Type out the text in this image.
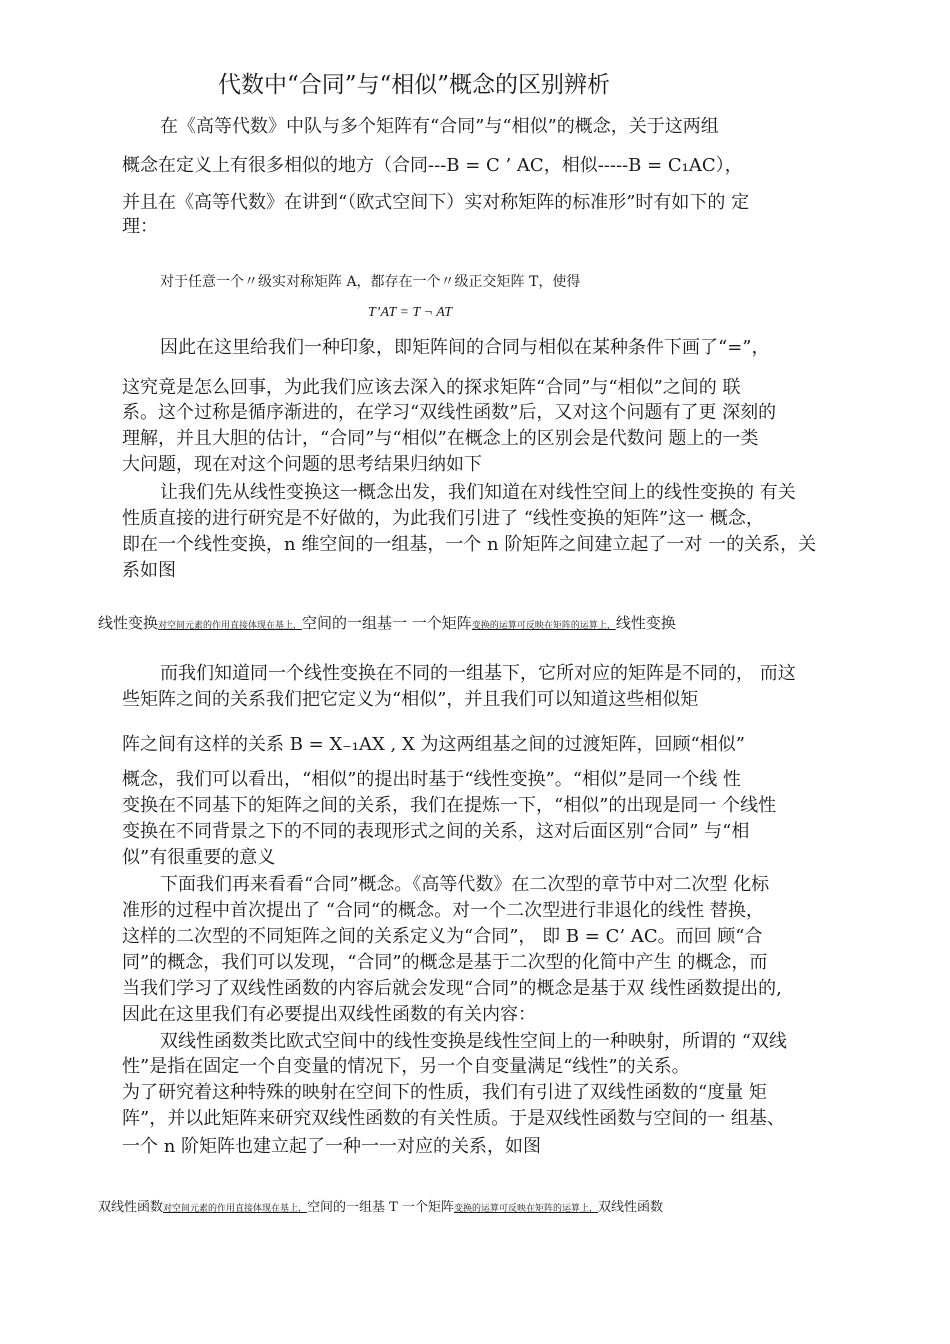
代数中“合同”与“相似”概念的区别辨析
在《高等代数》中队与多个矩阵有“合同”与“相似”的概念，关于这两组
概念在定义上有很多相似的地方（合同---B = C ’ AC，相似-----B = C₁AC），
并且在《高等代数》在讲到“（欧式空间下）实对称矩阵的标准形”时有如下的 定
理：
对于任意一个〃级实对称矩阵 A，都存在一个〃级正交矩阵 T，使得
T’AT = T ¬ AT
因此在这里给我们一种印象，即矩阵间的合同与相似在某种条件下画了“=”，
这究竟是怎么回事，为此我们应该去深入的探求矩阵“合同”与“相似”之间的 联
系。这个过称是循序渐进的，在学习“双线性函数”后，又对这个问题有了更 深刻的
理解，并且大胆的估计，“合同”与“相似”在概念上的区别会是代数问 题上的一类
大问题，现在对这个问题的思考结果归纳如下
让我们先从线性变换这一概念出发，我们知道在对线性空间上的线性变换的 有关
性质直接的进行研究是不好做的，为此我们引进了 “线性变换的矩阵”这一 概念，
即在一个线性变换，n 维空间的一组基，一个 n 阶矩阵之间建立起了一对 一的关系，关
系如图
线性变换对空间元素的作用直接体现在基上，空间的一组基一 一个矩阵变换的运算可反映在矩阵的运算上，线性变换
而我们知道同一个线性变换在不同的一组基下，它所对应的矩阵是不同的， 而这
些矩阵之间的关系我们把它定义为“相似”，并且我们可以知道这些相似矩
阵之间有这样的关系 B = X₋₁AX , X 为这两组基之间的过渡矩阵，回顾“相似”
概念，我们可以看出，“相似”的提出时基于“线性变换”。“相似”是同一个线 性
变换在不同基下的矩阵之间的关系，我们在提炼一下，“相似”的出现是同一 个线性
变换在不同背景之下的不同的表现形式之间的关系，这对后面区别“合同” 与“相
似”有很重要的意义
下面我们再来看看“合同”概念。《高等代数》在二次型的章节中对二次型 化标
准形的过程中首次提出了 “合同“的概念。对一个二次型进行非退化的线性 替换，
这样的二次型的不同矩阵之间的关系定义为“合同”， 即 B = C’ AC。而回 顾“合
同”的概念，我们可以发现，“合同”的概念是基于二次型的化简中产生 的概念，而
当我们学习了双线性函数的内容后就会发现“合同”的概念是基于双 线性函数提出的,
因此在这里我们有必要提出双线性函数的有关内容：
双线性函数类比欧式空间中的线性变换是线性空间上的一种映射，所谓的 “双线
性”是指在固定一个自变量的情况下，另一个自变量满足“线性”的关系。
为了研究着这种特殊的映射在空间下的性质，我们有引进了双线性函数的“度量 矩
阵”，并以此矩阵来研究双线性函数的有关性质。于是双线性函数与空间的一 组基、
一个 n 阶矩阵也建立起了一种一一对应的关系，如图
双线性函数对空间元素的作用直接体现在基上，空间的一组基 T 一个矩阵变换的运算可反映在矩阵的运算上，双线性函数
